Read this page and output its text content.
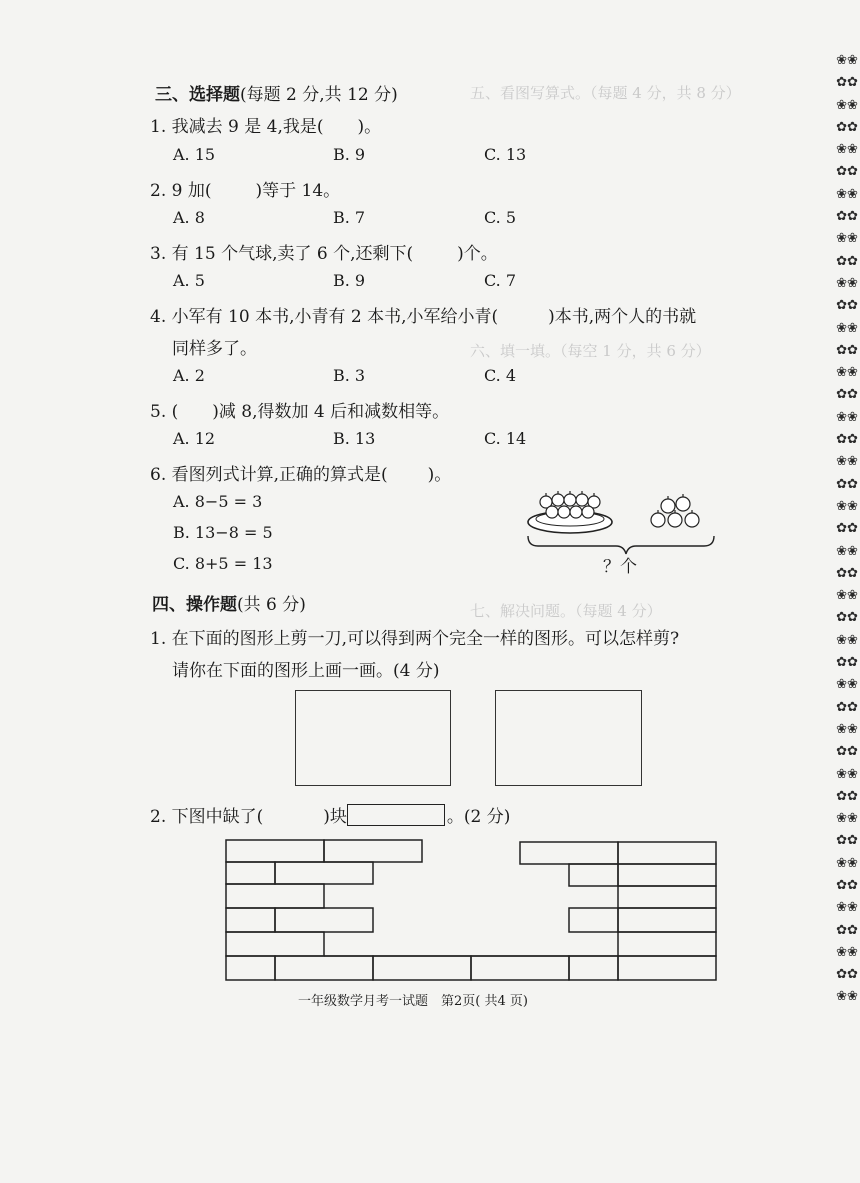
五、看图写算式。（每题 4 分，共 8 分）
六、填一填。（每空 1 分，共 6 分）
七、解决问题。（每题 4 分）
❀❀
✿✿
❀❀
✿✿
❀❀
✿✿
❀❀
✿✿
❀❀
✿✿
❀❀
✿✿
❀❀
✿✿
❀❀
✿✿
❀❀
✿✿
❀❀
✿✿
❀❀
✿✿
❀❀
✿✿
❀❀
✿✿
❀❀
✿✿
❀❀
✿✿
❀❀
✿✿
❀❀
✿✿
❀❀
✿✿
❀❀
✿✿
❀❀
✿✿
❀❀
✿✿
❀❀
三、选择题(每题 2 分,共 12 分)
1. 我减去 9 是 4,我是( )。
A. 15	B. 9	C. 13
2. 9 加(	)等于 14。
A. 8	B. 7	C. 5
3. 有 15 个气球,卖了 6 个,还剩下(	)个。
A. 5	B. 9	C. 7
4. 小军有 10 本书,小青有 2 本书,小军给小青(	)本书,两个人的书就
同样多了。
A. 2	B. 3	C. 4
5. ( )减 8,得数加 4 后和减数相等。
A. 12	B. 13	C. 14
6. 看图列式计算,正确的算式是( )。
A. 8−5 = 3
B. 13−8 = 5
C. 8+5 = 13	？个
四、操作题(共 6 分)
1. 在下面的图形上剪一刀,可以得到两个完全一样的图形。可以怎样剪?
请你在下面的图形上画一画。(4 分)
2. 下图中缺了(	)块	。(2 分)
一年级数学月考一试题　第2页( 共4 页)
